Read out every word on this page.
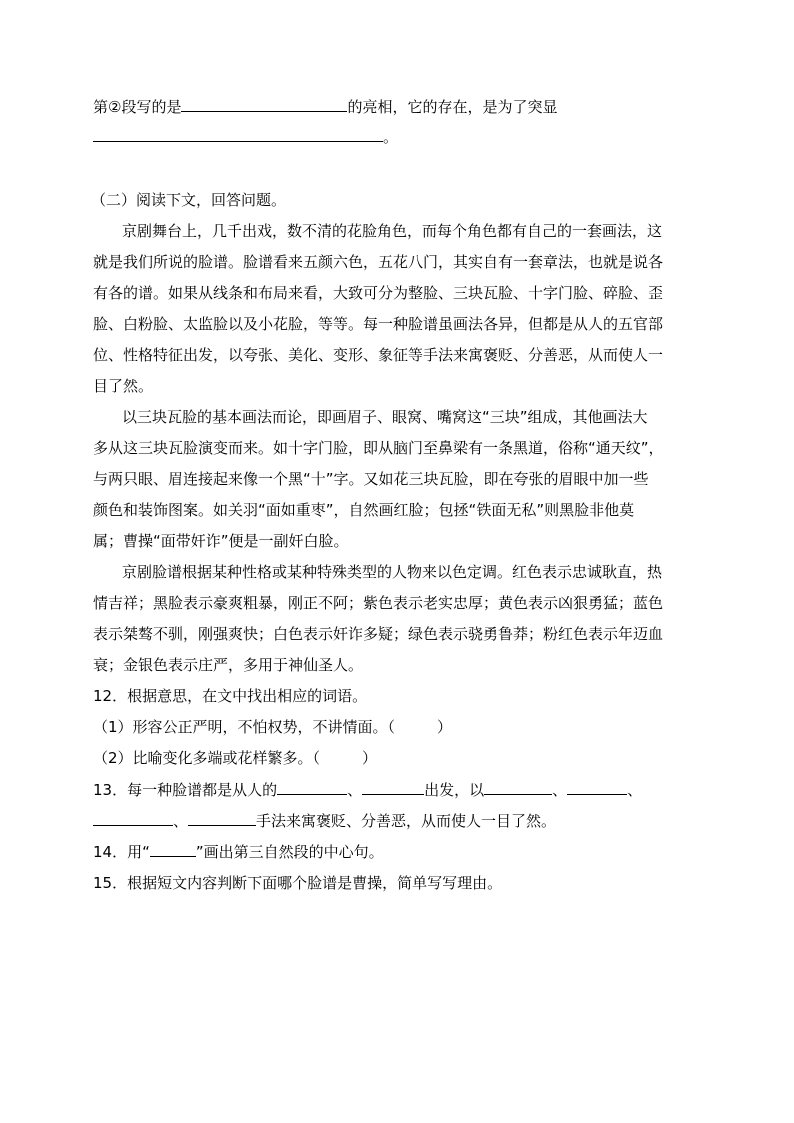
第②段写的是	的亮相，它的存在，是为了突显
。
（二）阅读下文，回答问题。
京剧舞台上，几千出戏，数不清的花脸角色，而每个角色都有自己的一套画法，这
就是我们所说的脸谱。脸谱看来五颜六色，五花八门，其实自有一套章法，也就是说各
有各的谱。如果从线条和布局来看，大致可分为整脸、三块瓦脸、十字门脸、碎脸、歪
脸、白粉脸、太监脸以及小花脸，等等。每一种脸谱虽画法各异，但都是从人的五官部
位、性格特征出发，以夸张、美化、变形、象征等手法来寓褒贬、分善恶，从而使人一
目了然。
以三块瓦脸的基本画法而论，即画眉子、眼窝、嘴窝这“三块”组成，其他画法大
多从这三块瓦脸演变而来。如十字门脸，即从脑门至鼻梁有一条黑道，俗称“通天纹”，
与两只眼、眉连接起来像一个黑“十”字。又如花三块瓦脸，即在夸张的眉眼中加一些
颜色和装饰图案。如关羽“面如重枣”，自然画红脸；包拯“铁面无私”则黑脸非他莫
属；曹操“面带奸诈”便是一副奸白脸。
京剧脸谱根据某种性格或某种特殊类型的人物来以色定调。红色表示忠诚耿直，热
情吉祥；黑脸表示豪爽粗暴，刚正不阿；紫色表示老实忠厚；黄色表示凶狠勇猛；蓝色
表示桀骜不驯，刚强爽快；白色表示奸诈多疑；绿色表示骁勇鲁莽；粉红色表示年迈血
衰；金银色表示庄严，多用于神仙圣人。
12．根据意思，在文中找出相应的词语。
（1）形容公正严明，不怕权势，不讲情面。（	）
（2）比喻变化多端或花样繁多。（	）
13．每一种脸谱都是从人的	、	出发，以	、	、
、	手法来寓褒贬、分善恶，从而使人一目了然。
14．用“	”画出第三自然段的中心句。
15．根据短文内容判断下面哪个脸谱是曹操，简单写写理由。
